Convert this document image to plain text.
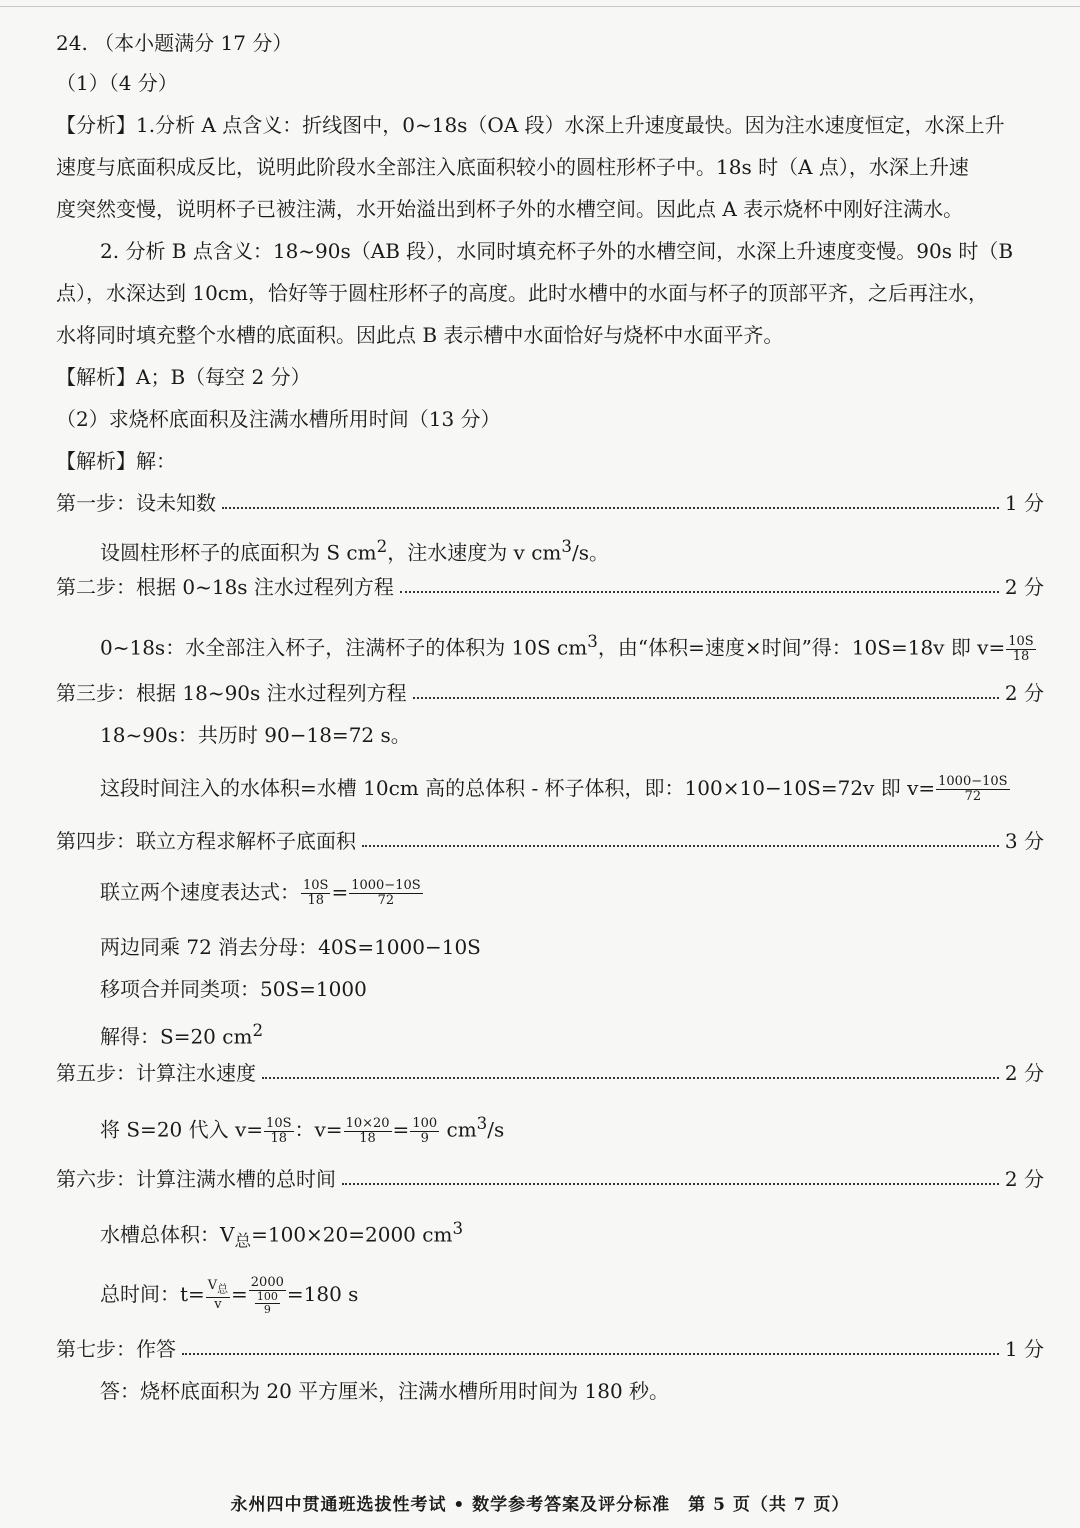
24. （本小题满分 17 分）
（1）（4 分）
【分析】1.分析 A 点含义：折线图中，0~18s（OA 段）水深上升速度最快。因为注水速度恒定，水深上升
速度与底面积成反比，说明此阶段水全部注入底面积较小的圆柱形杯子中。18s 时（A 点），水深上升速
度突然变慢，说明杯子已被注满，水开始溢出到杯子外的水槽空间。因此点 A 表示烧杯中刚好注满水。
2. 分析 B 点含义：18~90s（AB 段），水同时填充杯子外的水槽空间，水深上升速度变慢。90s 时（B
点），水深达到 10cm，恰好等于圆柱形杯子的高度。此时水槽中的水面与杯子的顶部平齐，之后再注水，
水将同时填充整个水槽的底面积。因此点 B 表示槽中水面恰好与烧杯中水面平齐。
【解析】A；B（每空 2 分）
（2）求烧杯底面积及注满水槽所用时间（13 分）
【解析】解：
第一步：设未知数	1 分
设圆柱形杯子的底面积为 S $cm^2$，注水速度为 v $cm^3/s$。
第二步：根据 0~18s 注水过程列方程	2 分
0~18s：水全部注入杯子，注满杯子的体积为 10S $cm^3$，由“体积=速度×时间”得：10S=18v 即 $v= \frac{10S}{18}$
第三步：根据 18~90s 注水过程列方程	2 分
18~90s：共历时 90−18=72 s。
这段时间注入的水体积=水槽 10cm 高的总体积 - 杯子体积，即：100×10−10S=72v 即 $v= \frac{1000-10S}{72}$
第四步：联立方程求解杯子底面积	3 分
联立两个速度表达式： $\frac{10S}{18} = \frac{1000-10S}{72}$
两边同乘 72 消去分母：40S=1000−10S
移项合并同类项：50S=1000
解得：S=20 $cm^2$
第五步：计算注水速度	2 分
将 S=20 代入 $v= \frac{10S}{18}$ ：$v= \frac{10\times 20}{18} = \frac{100}{9} cm^3/s$
第六步：计算注满水槽的总时间	2 分
水槽总体积：$V_总=100\times 20=2000$ $cm^3$
总时间：$t= \frac{V_总}{v} = \frac{2000}{\frac{100}{9}} =180$ s
第七步：作答	1 分
答：烧杯底面积为 20 平方厘米，注满水槽所用时间为 180 秒。
永州四中贯通班选拔性考试 • 数学参考答案及评分标准　第 5 页（共 7 页）
